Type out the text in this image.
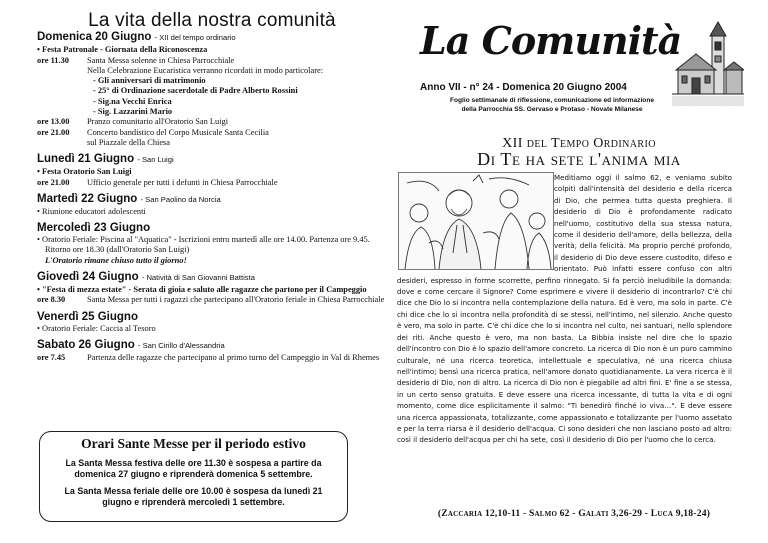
La vita della nostra comunità
Domenica 20 Giugno - XII del tempo ordinario
• Festa Patronale - Giornata della Riconoscenza
ore 11.30	Santa Messa solenne in Chiesa Parrocchiale
Nella Celebrazione Eucaristica verranno ricordati in modo particolare:
- Gli anniversari di matrimonio
- 25° di Ordinazione sacerdotale di Padre Alberto Rossini
- Sig.na Vecchi Enrica
- Sig. Lazzarini Mario
ore 13.00	Pranzo comunitario all'Oratorio San Luigi
ore 21.00	Concerto bandistico del Corpo Musicale Santa Cecilia
sul Piazzale della Chiesa
Lunedì 21 Giugno - San Luigi
• Festa Oratorio San Luigi
ore 21.00	Ufficio generale per tutti i defunti in Chiesa Parrocchiale
Martedì 22 Giugno - San Paolino da Norcia
• Riunione educatori adolescenti
Mercoledì 23 Giugno
• Oratorio Feriale: Piscina al "Aquatica" - Iscrizioni entro martedì alle ore 14.00. Partenza ore 9.45. Ritorno ore 18.30 (dall'Oratorio San Luigi)
L'Oratorio rimane chiuso tutto il giorno!
Giovedì 24 Giugno - Natività di San Giovanni Battista
• "Festa di mezza estate" - Serata di gioia e saluto alle ragazze che partono per il Campeggio
ore 8.30	Santa Messa per tutti i ragazzi che partecipano all'Oratorio feriale in Chiesa Parrocchiale
Venerdì 25 Giugno
• Oratorio Feriale: Caccia al Tesoro
Sabato 26 Giugno - San Cirillo d'Alessandria
ore 7.45	Partenza delle ragazze che partecipano al primo turno del Campeggio in Val di Rhemes
Orari Sante Messe per il periodo estivo

La Santa Messa festiva delle ore 11.30 è sospesa a partire da domenica 27 giugno e riprenderà domenica 5 settembre.

La Santa Messa feriale delle ore 10.00 è sospesa da lunedì 21 giugno e riprenderà mercoledì 1 settembre.

La Comunità
Anno VII - n° 24 - Domenica 20 Giugno 2004
Foglio settimanale di riflessione, comunicazione ed informazione
della Parrocchia SS. Gervaso e Protaso - Novate Milanese
XII del Tempo Ordinario
Di Te ha sete l'anima mia
Meditiamo oggi il salmo 62, e veniamo subito colpiti dall'intensità del desiderio e della ricerca di Dio, che permea tutta questa preghiera. Il desiderio di Dio è profondamente radicato nell'uomo, costitutivo della sua stessa natura, come il desiderio dell'amore, della bellezza, della verità, della felicità. Ma proprio perché profondo, il desiderio di Dio deve essere custodito, difeso e orientato. Può infatti essere confuso con altri desideri, espresso in forme scorrette, perfino rinnegato. Si fa perciò ineludibile la domanda: dove e come cercare il Signore? Come esprimere e vivere il desiderio di incontrarlo? C'è chi dice che Dio lo si incontra nella contemplazione della natura. Ed è vero, ma solo in parte. C'è chi dice che lo si incontra nella profondità di se stessi, nell'intimo, nel silenzio. Anche questo è vero, ma solo in parte. C'è chi dice che lo si incontra nel culto, nei santuari, nello splendore dei riti. Anche questo è vero, ma non basta. La Bibbia insiste nel dire che lo spazio dell'incontro con Dio è lo spazio dell'amore concreto. La ricerca di Dio non è un puro cammino culturale, né una ricerca teoretica, intellettuale e speculativa, né una ricerca chiusa nell'intimo; bensì una ricerca pratica, nell'amore donato quotidianamente. La vera ricerca è il desiderio di Dio, non di altro. La ricerca di Dio non è piegabile ad altri fini. E' fine a se stessa, in un certo senso gratuita. E deve essere una ricerca incessante, di tutta la vita e di ogni momento, come dice esplicitamente il salmo: "Ti benedirò finché io viva…". E deve essere una ricerca appassionata, totalizzante, come appassionato e totalizzante per l'uomo assetato e per la terra riarsa è il desiderio dell'acqua. Ci sono desideri che non lasciano posto ad altro: così il desiderio dell'acqua per chi ha sete, così il desiderio di Dio per l'uomo che lo cerca.
(Zaccaria 12,10-11 - Salmo 62 - Galati 3,26-29 - Luca 9,18-24)
